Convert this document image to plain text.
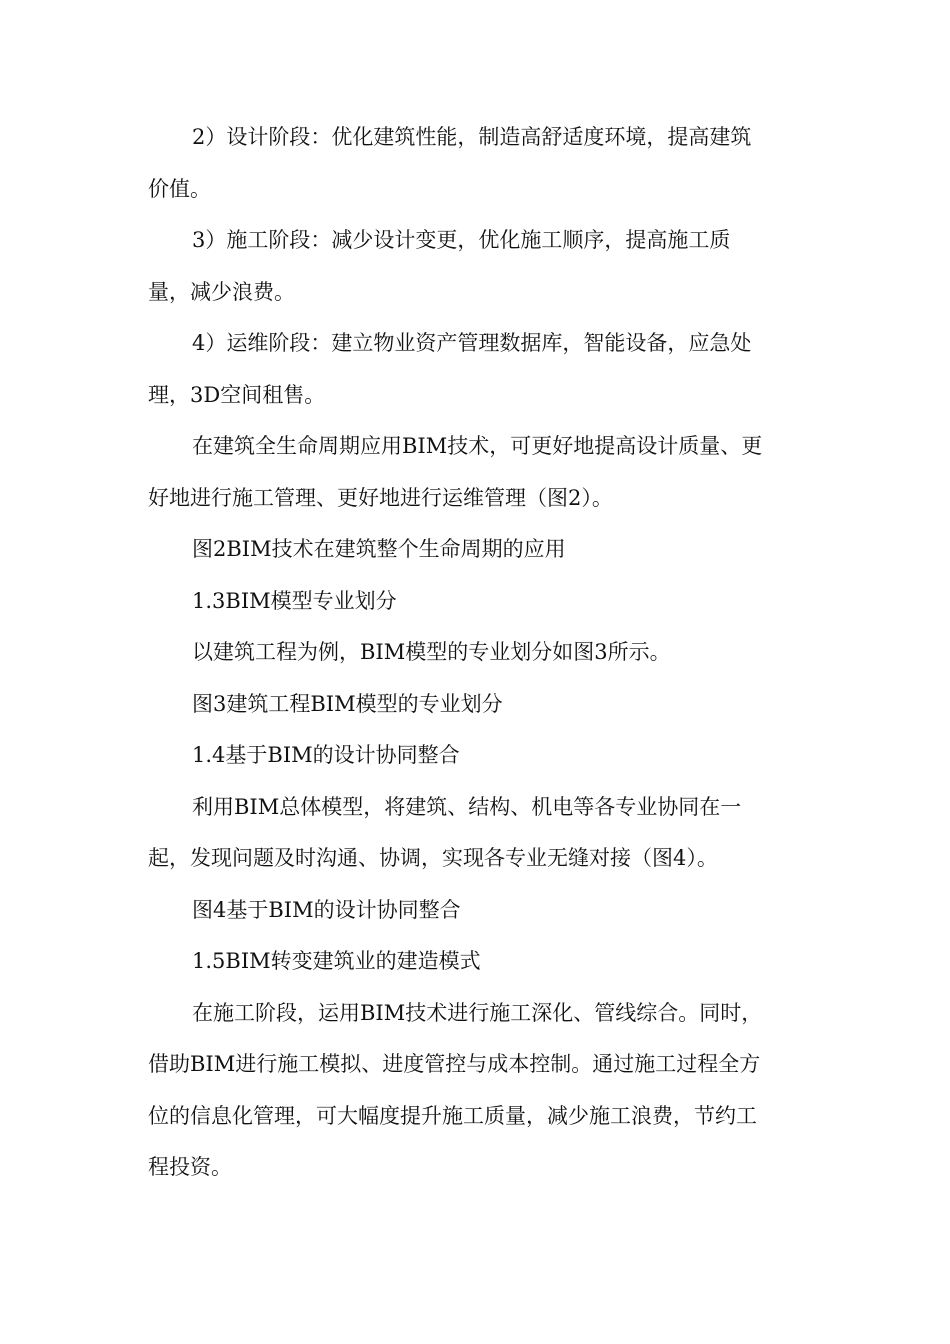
2）设计阶段：优化建筑性能，制造高舒适度环境，提高建筑
价值。

3）施工阶段：减少设计变更，优化施工顺序，提高施工质
量，减少浪费。

4）运维阶段：建立物业资产管理数据库，智能设备，应急处
理，3D空间租售。

在建筑全生命周期应用BIM技术，可更好地提高设计质量、更
好地进行施工管理、更好地进行运维管理（图2）。

图2BIM技术在建筑整个生命周期的应用

1.3BIM模型专业划分

以建筑工程为例，BIM模型的专业划分如图3所示。

图3建筑工程BIM模型的专业划分

1.4基于BIM的设计协同整合

利用BIM总体模型，将建筑、结构、机电等各专业协同在一
起，发现问题及时沟通、协调，实现各专业无缝对接（图4）。

图4基于BIM的设计协同整合

1.5BIM转变建筑业的建造模式

在施工阶段，运用BIM技术进行施工深化、管线综合。同时，
借助BIM进行施工模拟、进度管控与成本控制。通过施工过程全方
位的信息化管理，可大幅度提升施工质量，减少施工浪费，节约工
程投资。
